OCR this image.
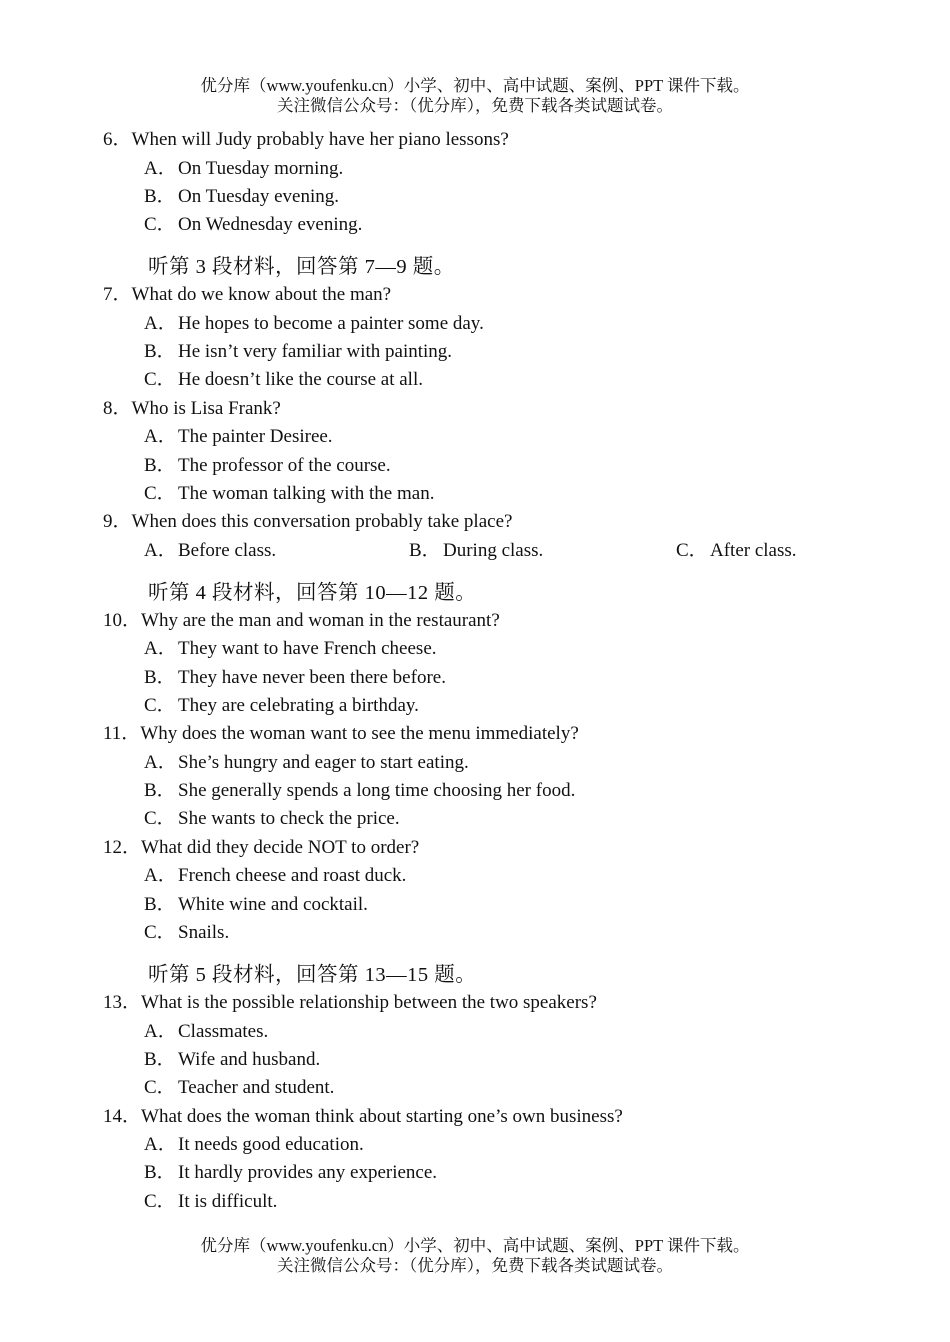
优分库（www.youfenku.cn）小学、初中、高中试题、案例、PPT 课件下载。
关注微信公众号：（优分库），免费下载各类试题试卷。
6．When will Judy probably have her piano lessons?
A．On Tuesday morning.
B． On Tuesday evening.
C． On Wednesday evening.
听第 3 段材料，回答第 7—9 题。
7．What do we know about the man?
A．He hopes to become a painter some day.
B． He isn’t very familiar with painting.
C． He doesn’t like the course at all.
8．Who is Lisa Frank?
A．The painter Desiree.
B． The professor of the course.
C． The woman talking with the man.
9．When does this conversation probably take place?
A．Before class.	B． During class.	C． After class.
听第 4 段材料，回答第 10—12 题。
10．Why are the man and woman in the restaurant?
A．They want to have French cheese.
B． They have never been there before.
C． They are celebrating a birthday.
11．Why does the woman want to see the menu immediately?
A．She’s hungry and eager to start eating.
B． She generally spends a long time choosing her food.
C． She wants to check the price.
12．What did they decide NOT to order?
A．French cheese and roast duck.
B． White wine and cocktail.
C． Snails.
听第 5 段材料，回答第 13—15 题。
13．What is the possible relationship between the two speakers?
A．Classmates.
B． Wife and husband.
C． Teacher and student.
14．What does the woman think about starting one’s own business?
A．It needs good education.
B． It hardly provides any experience.
C． It is difficult.
优分库（www.youfenku.cn）小学、初中、高中试题、案例、PPT 课件下载。
关注微信公众号：（优分库），免费下载各类试题试卷。
